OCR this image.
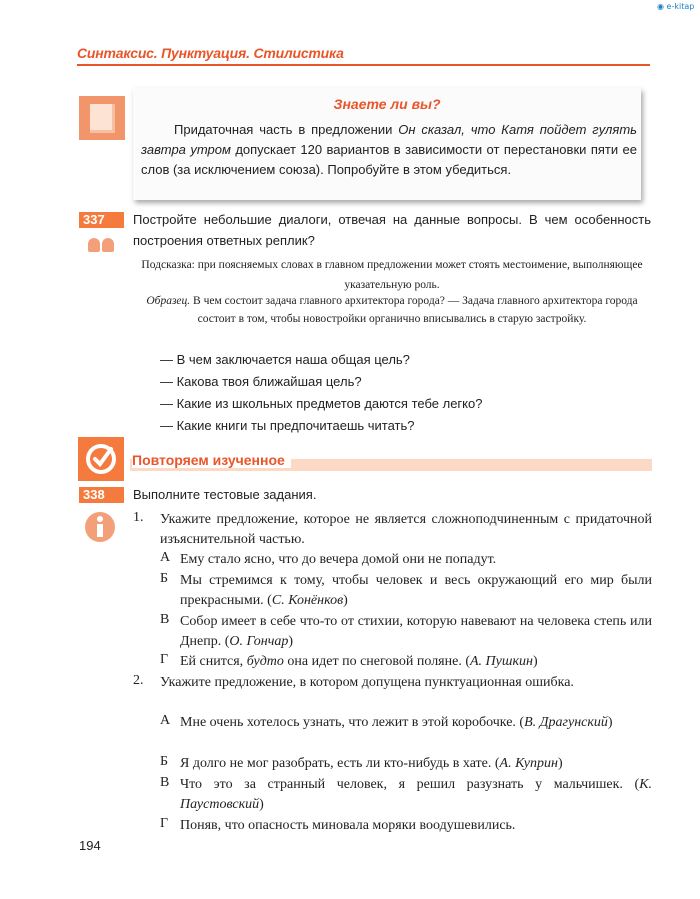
◉ e-kitap
Синтаксис. Пунктуация. Стилистика
Знаете ли вы?
Придаточная часть в предложении Он сказал, что Катя пойдет гулять завтра утром допускает 120 вариантов в зависимости от перестановки пяти ее слов (за исключением союза). Попробуйте в этом убедиться.
337	Постройте небольшие диалоги, отвечая на данные вопросы. В чем особенность построения ответных реплик?
Подсказка: при поясняемых словах в главном предложении может стоять местоимение, выполняющее указательную роль.
Образец. В чем состоит задача главного архитектора города? — Задача главного архитектора города состоит в том, чтобы новостройки органично вписывались в старую застройку.
— В чем заключается наша общая цель?
— Какова твоя ближайшая цель?
— Какие из школьных предметов даются тебе легко?
— Какие книги ты предпочитаешь читать?
Повторяем изученное
338	Выполните тестовые задания.
1. Укажите предложение, которое не является сложноподчиненным с придаточной изъяснительной частью.
А Ему стало ясно, что до вечера домой они не попадут.
Б Мы стремимся к тому, чтобы человек и весь окружающий его мир были прекрасными. (С. Конёнков)
В Собор имеет в себе что-то от стихии, которую навевают на человека степь или Днепр. (О. Гончар)
Г Ей снится, будто она идет по снеговой поляне. (А. Пушкин)
2. Укажите предложение, в котором допущена пунктуационная ошибка.
А Мне очень хотелось узнать, что лежит в этой коробочке. (В. Драгунский)
Б Я долго не мог разобрать, есть ли кто-нибудь в хате. (А. Куприн)
В Что это за странный человек, я решил разузнать у мальчишек. (К. Паустовский)
Г Поняв, что опасность миновала моряки воодушевились.
194
